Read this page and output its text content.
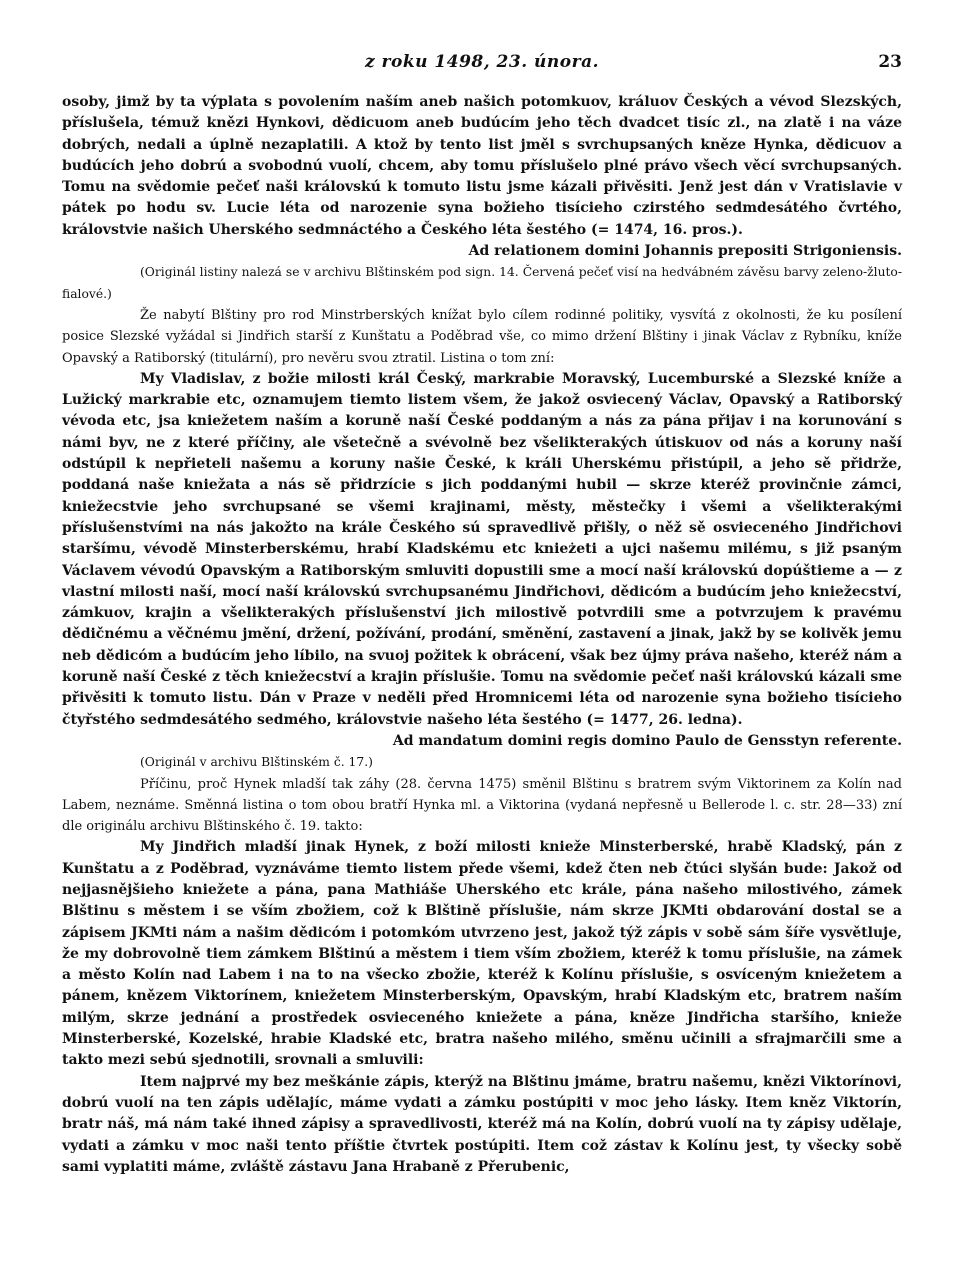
z roku 1498, 23. února.	23

osoby, jimž by ta výplata s povolením naším aneb našich potomkuov, králuov Českých a vévod Slezských, příslušela, témuž knězi Hynkovi, dědicuom aneb budúcím jeho těch dvadcet tisíc zl., na zlatě i na váze dobrých, nedali a úplně nezaplatili. A ktož by tento list jměl s svrchupsaných kněze Hynka, dědicuov a budúcích jeho dobrú a svobodnú vuolí, chcem, aby tomu příslušelo plné právo všech věcí svrchupsaných. Tomu na svědomie pečeť naši královskú k tomuto listu jsme kázali přivěsiti. Jenž jest dán v Vratislavie v pátek po hodu sv. Lucie léta od narozenie syna božieho tisícieho czirstého sedmdesátého čvrtého, královstvie našich Uherského sedmnáctého a Českého léta šestého (= 1474, 16. pros.).

Ad relationem domini Johannis prepositi Strigoniensis.

(Originál listiny nalezá se v archivu Blštinském pod sign. 14. Červená pečeť visí na hedvábném závěsu barvy zeleno-žluto-fialové.)

Že nabytí Blštiny pro rod Minstrberských knížat bylo cílem rodinné politiky, vysvítá z okolnosti, že ku posílení posice Slezské vyžádal si Jindřich starší z Kunštatu a Poděbrad vše, co mimo držení Blštiny i jinak Václav z Rybníku, kníže Opavský a Ratiborský (titulární), pro nevěru svou ztratil. Listina o tom zní:

My Vladislav, z božie milosti král Český, markrabie Moravský, Lucemburské a Slezské kníže a Lužický markrabie etc, oznamujem tiemto listem všem, že jakož osviecený Václav, Opavský a Ratiborský vévoda etc, jsa kniežetem naším a koruně naší České poddaným a nás za pána přijav i na korunování s námi byv, ne z které příčiny, ale všetečně a svévolně bez všelikterakých útiskuov od nás a koruny naší odstúpil k nepřieteli našemu a koruny našie České, k králi Uherskému přistúpil, a jeho sě přidrže, poddaná naše kniežata a nás sě přidrzície s jich poddanými hubil — skrze kteréž provinčnie zámci, kniežecstvie jeho svrchupsané se všemi krajinami, městy, městečky i všemi a všelikterakými příslušenstvími na nás jakožto na krále Českého sú spravedlivě přišly, o něž sě osvieceného Jindřichovi staršímu, vévodě Minsterberskému, hrabí Kladskému etc knieżeti a ujci našemu milému, s již psaným Václavem vévodú Opavským a Ratiborským smluviti dopustili sme a mocí naší královskú dopúštieme a — z vlastní milosti naší, mocí naší královskú svrchupsanému Jindřichovi, dědicóm a budúcím jeho kniežecství, zámkuov, krajin a všelikterakých příslušenství jich milostivě potvrdili sme a potvrzujem k pravému dědičnému a věčnému jmění, držení, požívání, prodání, směnění, zastavení a jinak, jakž by se kolivěk jemu neb dědicóm a budúcím jeho líbilo, na svuoj požitek k obrácení, však bez újmy práva našeho, kteréž nám a koruně naší České z těch kniežecství a krajin příslušie. Tomu na svědomie pečeť naši královskú kázali sme přivěsiti k tomuto listu. Dán v Praze v neděli před Hromnicemi léta od narozenie syna božieho tisícieho čtyřstého sedmdesátého sedmého, královstvie našeho léta šestého (= 1477, 26. ledna).

Ad mandatum domini regis domino Paulo de Gensstyn referente.

(Originál v archivu Blštinském č. 17.)

Příčinu, proč Hynek mladší tak záhy (28. června 1475) směnil Blštinu s bratrem svým Viktorinem za Kolín nad Labem, neznáme. Směnná listina o tom obou bratří Hynka ml. a Viktorina (vydaná nepřesně u Bellerode l. c. str. 28—33) zní dle originálu archivu Blštinského č. 19. takto:

My Jindřich mladší jinak Hynek, z boží milosti knieže Minsterberské, hrabě Kladský, pán z Kunštatu a z Poděbrad, vyznáváme tiemto listem přede všemi, kdež čten neb čtúci slyšán bude: Jakož od nejjasnějšieho kniežete a pána, pana Mathiáše Uherského etc krále, pána našeho milostivého, zámek Blštinu s městem i se vším zbožiem, což k Blštině příslušie, nám skrze JKMti obdarování dostal se a zápisem JKMti nám a našim dědicóm i potomkóm utvrzeno jest, jakož týž zápis v sobě sám šíře vysvětluje, že my dobrovolně tiem zámkem Blštinú a městem i tiem vším zbožiem, kteréž k tomu příslušie, na zámek a město Kolín nad Labem i na to na všecko zbožie, kteréž k Kolínu příslušie, s osvíceným kniežetem a pánem, knězem Viktorínem, kniežetem Minsterberským, Opavským, hrabí Kladským etc, bratrem naším milým, skrze jednání a prostředek osvieceného kniežete a pána, kněze Jindřicha staršího, knieže Minsterberské, Kozelské, hrabie Kladské etc, bratra našeho milého, směnu učinili a sfrajmarčili sme a takto mezi sebú sjednotili, srovnali a smluvili:

Item najprvé my bez meškánie zápis, kterýž na Blštinu jmáme, bratru našemu, knězi Viktorínovi, dobrú vuolí na ten zápis udělajíc, máme vydati a zámku postúpiti v moc jeho lásky. Item kněz Viktorín, bratr náš, má nám také ihned zápisy a spravedlivosti, kteréž má na Kolín, dobrú vuolí na ty zápisy udělaje, vydati a zámku v moc naši tento příštie čtvrtek postúpiti. Item což zástav k Kolínu jest, ty všecky sobě sami vyplatiti máme, zvláště zástavu Jana Hrabaně z Přerubenic,
